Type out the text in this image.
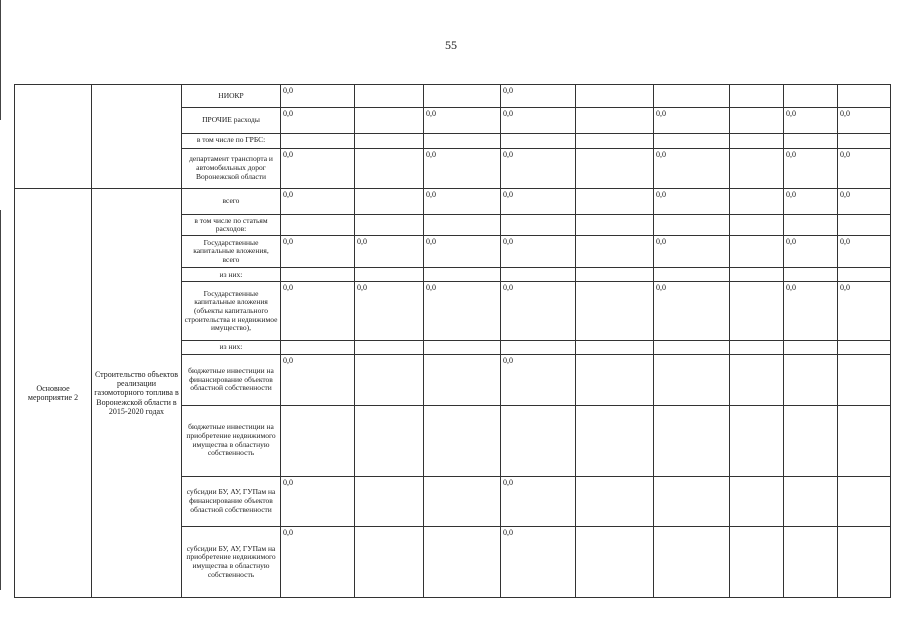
55
		НИОКР	0,0			0,0						
		ПРОЧИЕ расходы	0,0		0,0	0,0		0,0		0,0	0,0	
		в том числе по ГРБС:										
		департамент транспорта и автомобильных дорог Воронежской области	0,0		0,0	0,0		0,0		0,0	0,0	
Основное мероприятие 2	Строительство объектов реализации газомоторного топлива в Воронежской области в 2015-2020 годах	всего	0,0		0,0	0,0		0,0		0,0	0,0	
		в том числе по статьям расходов:										
		Государственные капитальные вложения, всего	0,0	0,0	0,0	0,0		0,0		0,0	0,0	
		из них:										
		Государственные капитальные вложения (объекты капитального строительства и недвижимое имущество),	0,0	0,0	0,0	0,0		0,0		0,0	0,0	
		из них:										
		бюджетные инвестиции на финансирование объектов областной собственности	0,0			0,0						
		бюджетные инвестиции на приобретение недвижимого имущества в областную собственность										
		субсидии БУ, АУ, ГУПам на финансирование объектов областной собственности	0,0			0,0						
		субсидии БУ, АУ, ГУПам на приобретение недвижимого имущества в областную собственность	0,0			0,0						
